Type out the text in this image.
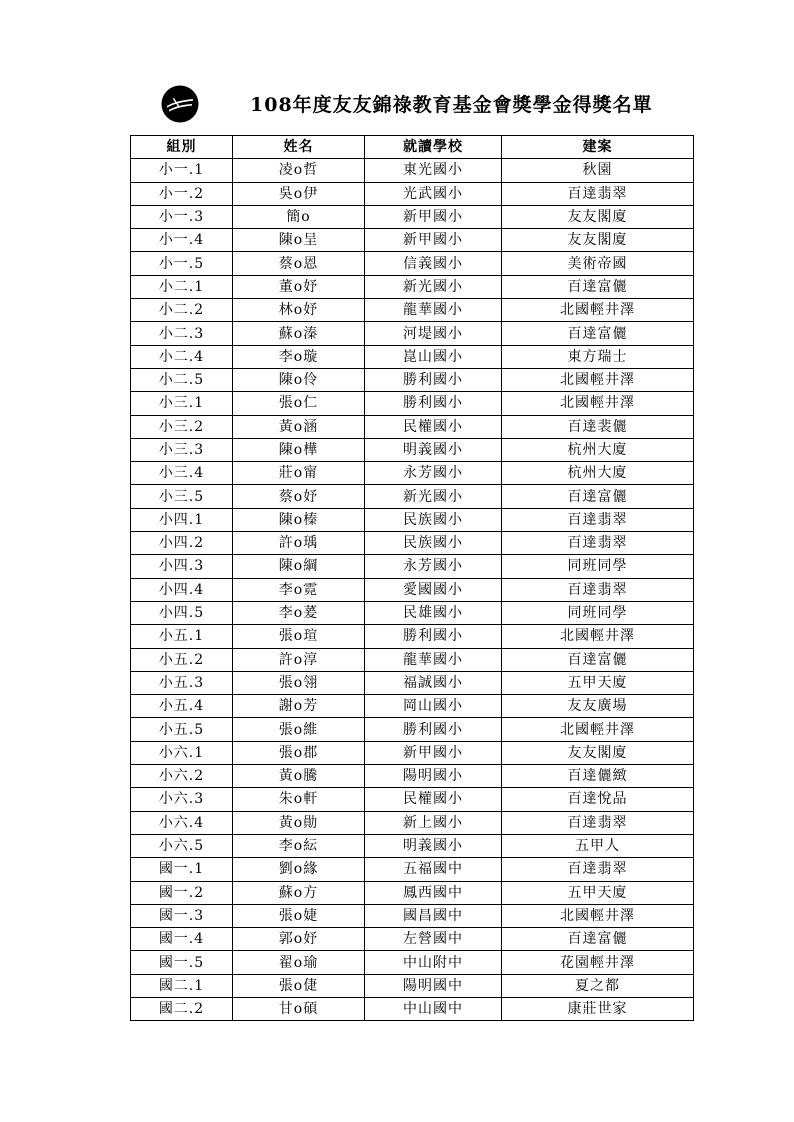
108年度友友錦祿教育基金會獎學金得獎名單
組別	姓名	就讀學校	建案
小一.1	凌o哲	東光國小	秋園
小一.2	吳o伊	光武國小	百達翡翠
小一.3	簡o	新甲國小	友友閣廈
小一.4	陳o呈	新甲國小	友友閣廈
小一.5	蔡o恩	信義國小	美術帝國
小二.1	董o妤	新光國小	百達富儷
小二.2	林o妤	龍華國小	北國輕井澤
小二.3	蘇o溱	河堤國小	百達富儷
小二.4	李o璇	崑山國小	東方瑞士
小二.5	陳o伶	勝利國小	北國輕井澤
小三.1	張o仁	勝利國小	北國輕井澤
小三.2	黃o涵	民權國小	百達裴儷
小三.3	陳o樺	明義國小	杭州大廈
小三.4	莊o甯	永芳國小	杭州大廈
小三.5	蔡o妤	新光國小	百達富儷
小四.1	陳o榛	民族國小	百達翡翠
小四.2	許o瑀	民族國小	百達翡翠
小四.3	陳o綱	永芳國小	同班同學
小四.4	李o霓	愛國國小	百達翡翠
小四.5	李o萲	民雄國小	同班同學
小五.1	張o瑄	勝利國小	北國輕井澤
小五.2	許o淳	龍華國小	百達富儷
小五.3	張o翎	福誠國小	五甲天廈
小五.4	謝o芳	岡山國小	友友廣場
小五.5	張o維	勝利國小	北國輕井澤
小六.1	張o郡	新甲國小	友友閣廈
小六.2	黃o騰	陽明國小	百達儷緻
小六.3	朱o軒	民權國小	百達悅品
小六.4	黃o勛	新上國小	百達翡翠
小六.5	李o紜	明義國小	五甲人
國一.1	劉o緣	五福國中	百達翡翠
國一.2	蘇o方	鳳西國中	五甲天廈
國一.3	張o婕	國昌國中	北國輕井澤
國一.4	郭o妤	左營國中	百達富儷
國一.5	翟o瑜	中山附中	花園輕井澤
國二.1	張o倢	陽明國中	夏之都
國二.2	甘o碩	中山國中	康莊世家
